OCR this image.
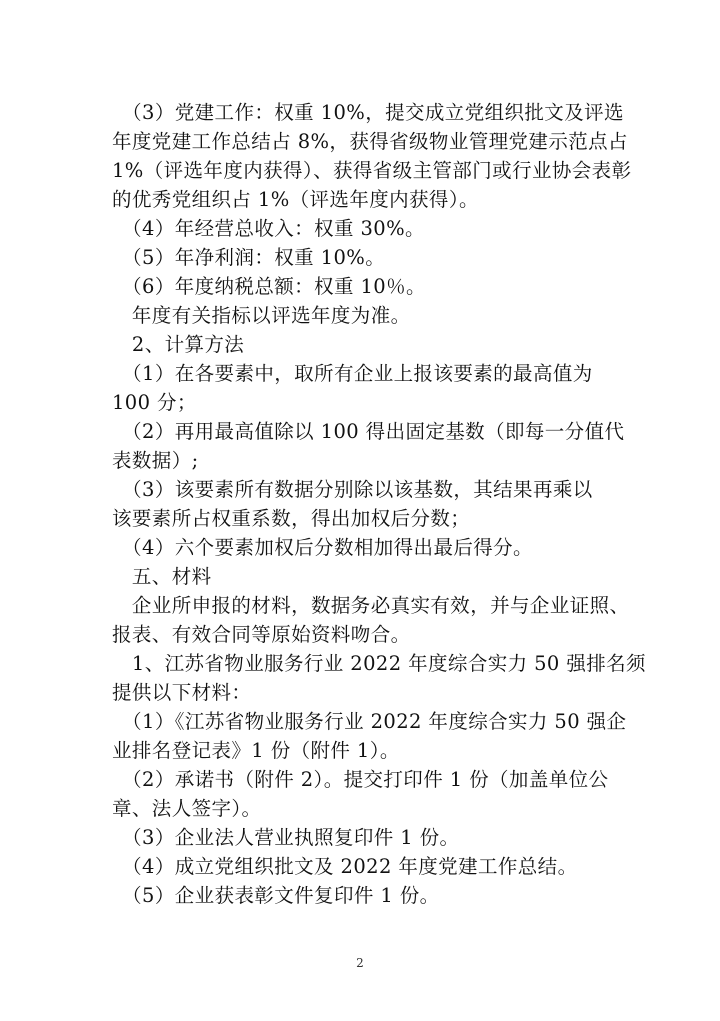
　（3）党建工作：权重 10%，提交成立党组织批文及评选

年度党建工作总结占 8%，获得省级物业管理党建示范点占

1%（评选年度内获得）、获得省级主管部门或行业协会表彰

的优秀党组织占 1%（评选年度内获得）。

　（4）年经营总收入：权重 30%。

　（5）年净利润：权重 10%。

　（6）年度纳税总额：权重 10％。

　年度有关指标以评选年度为准。

　2、计算方法

　（1）在各要素中，取所有企业上报该要素的最高值为

100 分；

　（2）再用最高值除以 100 得出固定基数（即每一分值代

表数据）;

　（3）该要素所有数据分别除以该基数，其结果再乘以

该要素所占权重系数，得出加权后分数；

　（4）六个要素加权后分数相加得出最后得分。

　五、材料

　企业所申报的材料，数据务必真实有效，并与企业证照、

报表、有效合同等原始资料吻合。

　1、江苏省物业服务行业 2022 年度综合实力 50 强排名须

提供以下材料：

　（1）《江苏省物业服务行业 2022 年度综合实力 50 强企

业排名登记表》1 份（附件 1）。

　（2）承诺书（附件 2）。提交打印件 1 份（加盖单位公

章、法人签字）。

　（3）企业法人营业执照复印件 1 份。

　（4）成立党组织批文及 2022 年度党建工作总结。

　（5）企业获表彰文件复印件 1 份。

2
